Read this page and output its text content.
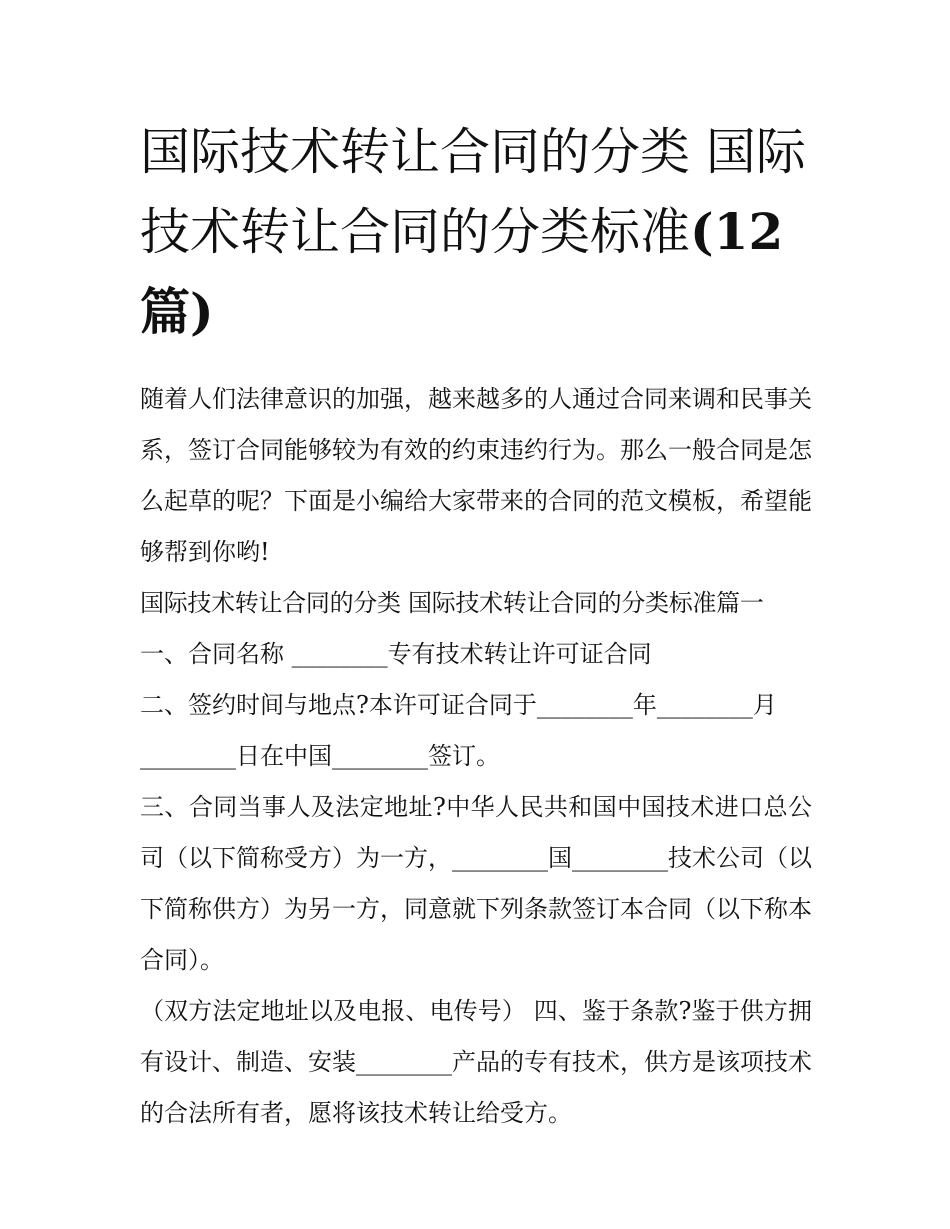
国际技术转让合同的分类 国际技术转让合同的分类标准(12
篇)

随着人们法律意识的加强，越来越多的人通过合同来调和民事关系，签订合同能够较为有效的约束违约行为。那么一般合同是怎么起草的呢？下面是小编给大家带来的合同的范文模板，希望能够帮到你哟!

国际技术转让合同的分类 国际技术转让合同的分类标准篇一

一、合同名称 ________专有技术转让许可证合同

二、签约时间与地点?本许可证合同于________年________月

________日在中国________签订。

三、合同当事人及法定地址?中华人民共和国中国技术进口总公司（以下简称受方）为一方，________国________技术公司（以下简称供方）为另一方，同意就下列条款签订本合同（以下称本合同）。

（双方法定地址以及电报、电传号） 四、鉴于条款?鉴于供方拥有设计、制造、安装________产品的专有技术，供方是该项技术的合法所有者，愿将该技术转让给受方。
